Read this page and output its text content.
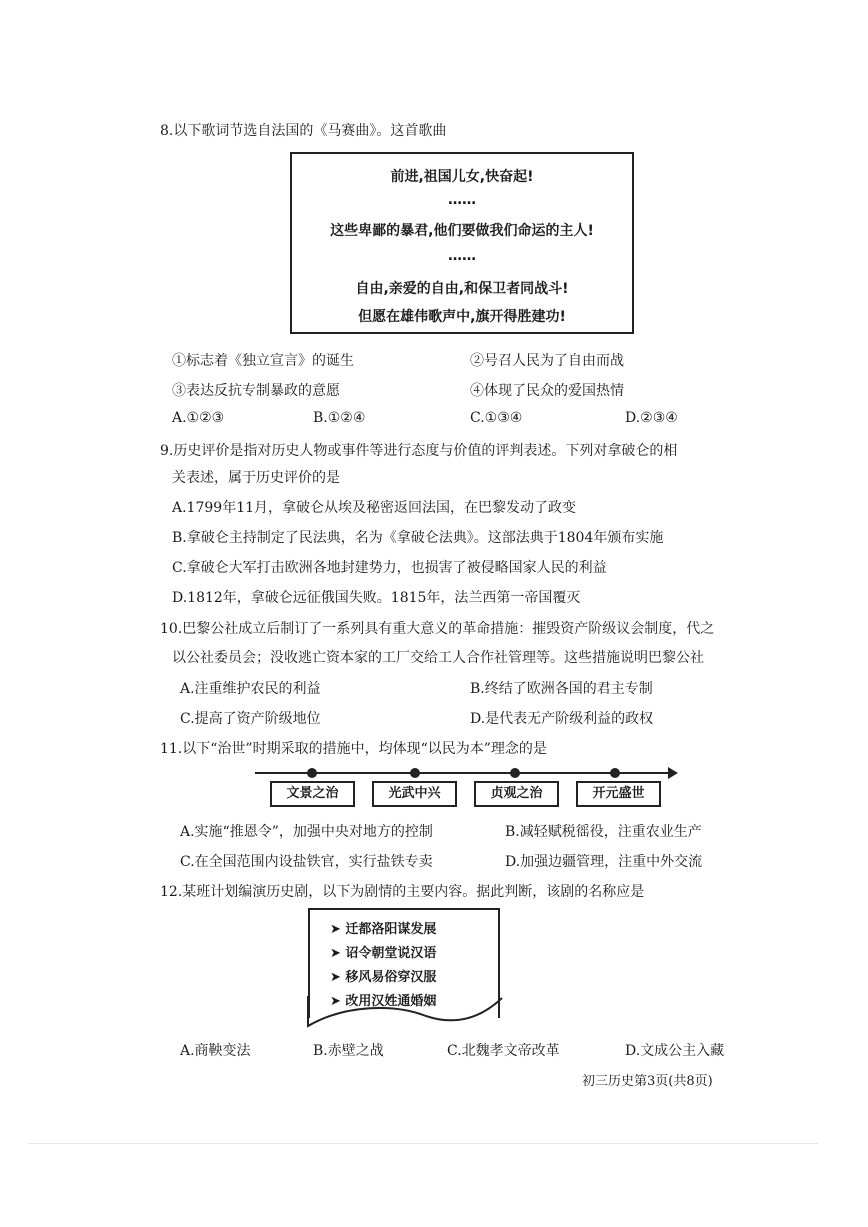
8.以下歌词节选自法国的《马赛曲》。这首歌曲
前进,祖国儿女,快奋起!
……
这些卑鄙的暴君,他们要做我们命运的主人!
……
自由,亲爱的自由,和保卫者同战斗!
但愿在雄伟歌声中,旗开得胜建功!
①标志着《独立宣言》的诞生	②号召人民为了自由而战
③表达反抗专制暴政的意愿	④体现了民众的爱国热情
A.①②③	B.①②④	C.①③④	D.②③④
9.历史评价是指对历史人物或事件等进行态度与价值的评判表述。下列对拿破仑的相
关表述，属于历史评价的是
A.1799年11月，拿破仑从埃及秘密返回法国，在巴黎发动了政变
B.拿破仑主持制定了民法典，名为《拿破仑法典》。这部法典于1804年颁布实施
C.拿破仑大军打击欧洲各地封建势力，也损害了被侵略国家人民的利益
D.1812年，拿破仑远征俄国失败。1815年，法兰西第一帝国覆灭
10.巴黎公社成立后制订了一系列具有重大意义的革命措施：摧毁资产阶级议会制度，代之
以公社委员会；没收逃亡资本家的工厂交给工人合作社管理等。这些措施说明巴黎公社
A.注重维护农民的利益	B.终结了欧洲各国的君主专制
C.提高了资产阶级地位	D.是代表无产阶级利益的政权
11.以下“治世”时期采取的措施中，均体现“以民为本”理念的是
文景之治	光武中兴	贞观之治	开元盛世
A.实施“推恩令”，加强中央对地方的控制	B.减轻赋税徭役，注重农业生产
C.在全国范围内设盐铁官，实行盐铁专卖	D.加强边疆管理，注重中外交流
12.某班计划编演历史剧，以下为剧情的主要内容。据此判断，该剧的名称应是
➤ 迁都洛阳谋发展
➤ 诏令朝堂说汉语
➤ 移风易俗穿汉服
➤ 改用汉姓通婚姻
A.商鞅变法	B.赤壁之战	C.北魏孝文帝改革	D.文成公主入藏
初三历史第3页(共8页)
